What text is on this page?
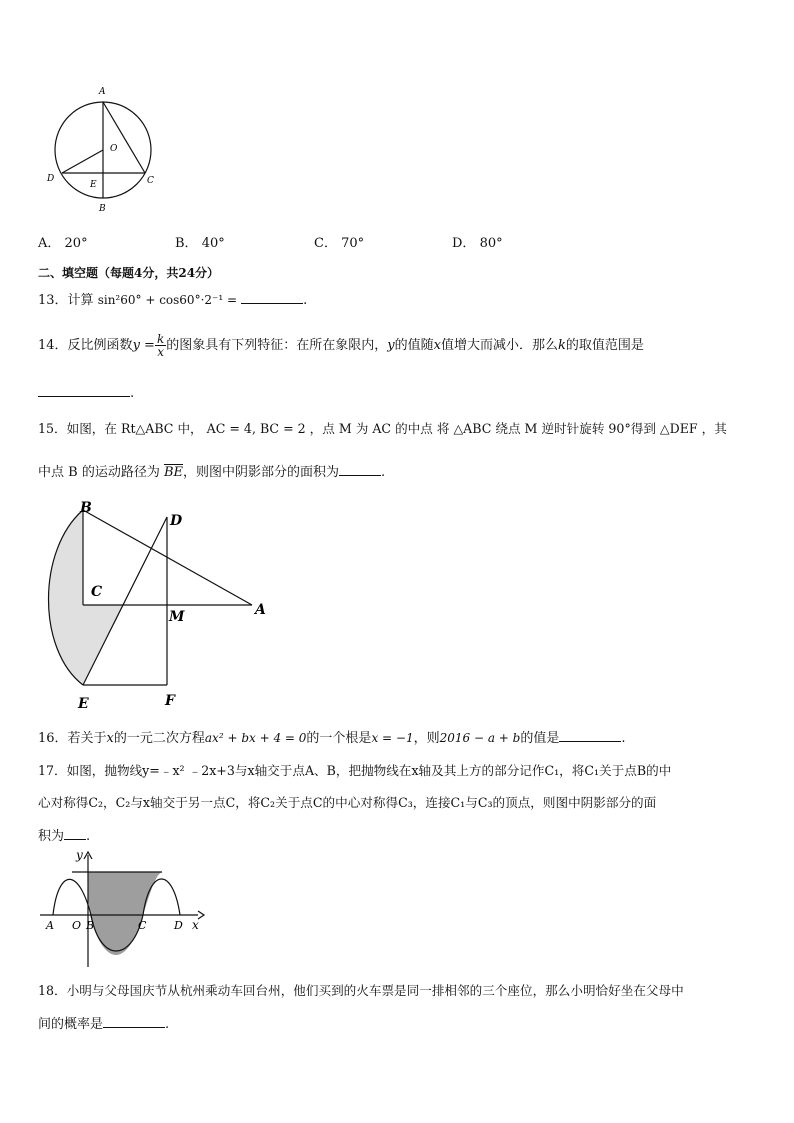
A
O
D
E	C
B
A． 20°	B． 40°	C． 70°	D． 80°
二、填空题（每题4分，共24分）
13．计算 sin²60° + cos60°·2⁻¹ =	.
14．反比例函数$y = \frac{k}{x}$ 的图象具有下列特征：在所在象限内，y的值随x值增大而减小．那么k的取值范围是
.
15．如图，在 Rt△ABC 中， AC = 4, BC = 2 ，点 M 为 AC 的中点 将 △ABC 绕点 M 逆时针旋转 90°得到 △DEF ，其
中点 B 的运动路径为 $\overline{BE}$，则图中阴影部分的面积为	.
B
D
C
M	A
E	F
16．若关于x的一元二次方程ax² + bx + 4 = 0的一个根是x = −1，则2016 − a + b的值是	.
17．如图，抛物线y=﹣x² ﹣2x+3与x轴交于点A、B，把抛物线在x轴及其上方的部分记作C₁，将C₁关于点B的中
心对称得C₂，C₂与x轴交于另一点C，将C₂关于点C的中心对称得C₃，连接C₁与C₃的顶点，则图中阴影部分的面
积为 .
y
x
A O B	C	D
18．小明与父母国庆节从杭州乘动车回台州，他们买到的火车票是同一排相邻的三个座位，那么小明恰好坐在父母中
间的概率是	.
